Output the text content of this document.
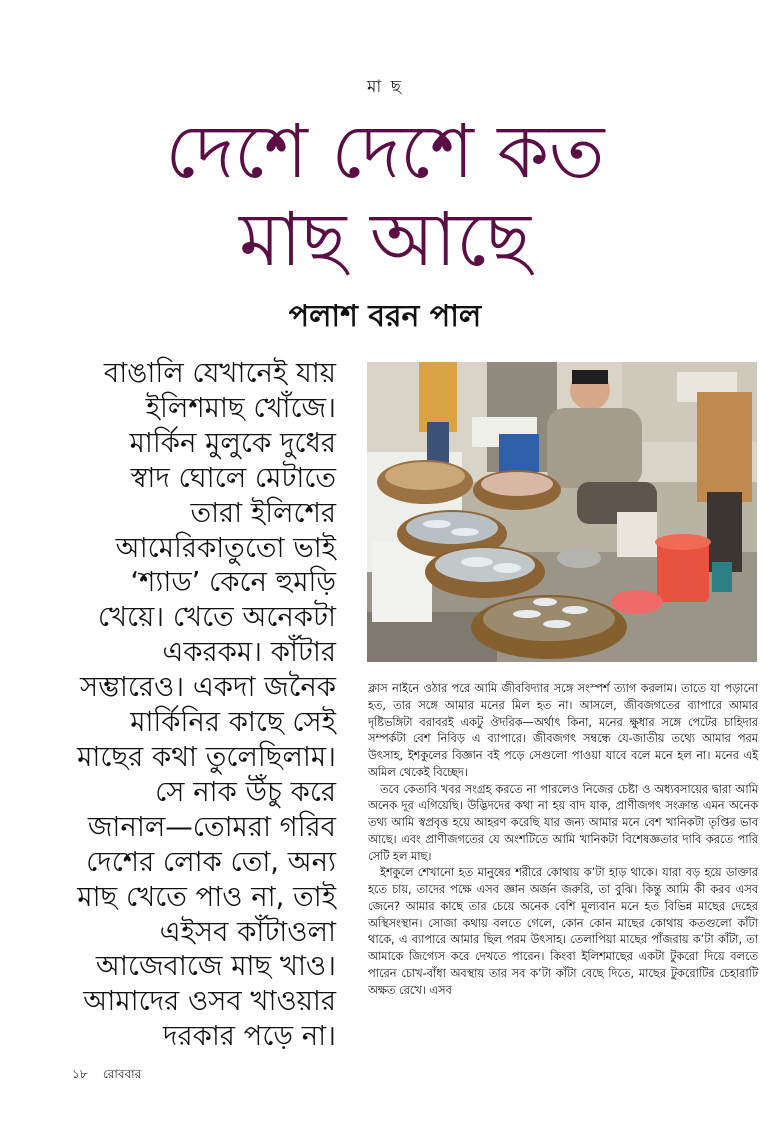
মা ছ
দেশে দেশে কত
মাছ আছে
পলাশ বরন পাল
বাঙালি যেখানেই যায়
ইলিশমাছ খোঁজে।
মার্কিন মুলুকে দুধের
স্বাদ ঘোলে মেটাতে
তারা ইলিশের
আমেরিকাতুতো ভাই
‘শ্যাড’ কেনে হুমড়ি
খেয়ে। খেতে অনেকটা
একরকম। কাঁটার
সম্ভারেও। একদা জনৈক
মার্কিনির কাছে সেই
মাছের কথা তুলেছিলাম।
সে নাক উঁচু করে
জানাল—তোমরা গরিব
দেশের লোক তো, অন্য
মাছ খেতে পাও না, তাই
এইসব কাঁটাওলা
আজেবাজে মাছ খাও।
আমাদের ওসব খাওয়ার
দরকার পড়ে না।

ক্লাস নাইনে ওঠার পরে আমি জীববিদ্যার সঙ্গে সংস্পর্শ ত্যাগ করলাম। তাতে যা পড়ানো হত, তার সঙ্গে আমার মনের মিল হত না। আসলে, জীবজগতের ব্যাপারে আমার দৃষ্টিভঙ্গিটা বরাবরই একটু ঔদরিক—অর্থাৎ কিনা, মনের ক্ষুধার সঙ্গে পেটের চাহিদার সম্পর্কটা বেশ নিবিড় এ ব্যাপারে। জীবজগৎ সম্বন্ধে যে-জাতীয় তথ্যে আমার পরম উৎসাহ, ইশকুলের বিজ্ঞান বই পড়ে সেগুলো পাওয়া যাবে বলে মনে হল না। মনের এই অমিল থেকেই বিচ্ছেদ।

তবে কেতাবি খবর সংগ্রহ করতে না পারলেও নিজের চেষ্টা ও অধ্যবসায়ের দ্বারা আমি অনেক দূর এগিয়েছি। উদ্ভিদদের কথা না হয় বাদ যাক, প্রাণীজগৎ সংক্রান্ত এমন অনেক তথ্য আমি স্বপ্রবৃত্ত হয়ে আহরণ করেছি যার জন্য আমার মনে বেশ খানিকটা তৃপ্তির ভাব আছে। এবং প্রাণীজগতের যে অংশটিতে আমি খানিকটা বিশেষজ্ঞতার দাবি করতে পারি সেটি হল মাছ।

ইশকুলে শেখানো হত মানুষের শরীরে কোথায় ক’টা হাড় থাকে। যারা বড় হয়ে ডাক্তার হতে চায়, তাদের পক্ষে এসব জ্ঞান অর্জন জরুরি, তা বুঝি। কিন্তু আমি কী করব এসব জেনে? আমার কাছে তার চেয়ে অনেক বেশি মূল্যবান মনে হত বিভিন্ন মাছের দেহের অস্থিসংস্থান। সোজা কথায় বলতে গেলে, কোন কোন মাছের কোথায় কতগুলো কাঁটা থাকে, এ ব্যাপারে আমার ছিল পরম উৎসাহ। তেলাপিয়া মাছের পাঁজরায় ক’টা কাঁটা, তা আমাকে জিগ্যেস করে দেখতে পারেন। কিংবা ইলিশমাছের একটা টুকরো দিয়ে বলতে পারেন চোখ-বাঁধা অবস্থায় তার সব ক’টা কাঁটা বেছে দিতে, মাছের টুকরোটির চেহারাটি অক্ষত রেখে। এসব

১৮ রোববার
